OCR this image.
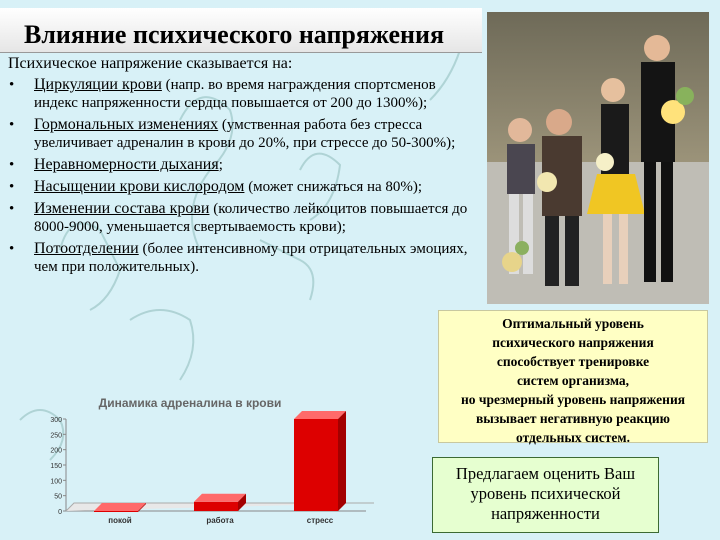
Влияние психического напряжения
Психическое напряжение сказывается на:
• Циркуляции крови (напр. во время награждения спортсменов индекс напряженности сердца повышается от 200 до 1300%);
• Гормональных изменениях (умственная работа без стресса увеличивает адреналин в крови до 20%, при стрессе до 50-300%);
• Неравномерности дыхания;
• Насыщении крови кислородом (может снижаться на 80%);
• Изменении состава крови (количество лейкоцитов повышается до 8000-9000, уменьшается свертываемость крови);
• Потоотделении (более интенсивному при отрицательных эмоциях, чем при положительных).
Оптимальный уровень
психического напряжения
способствует тренировке
систем организма,
но чрезмерный уровень напряжения
вызывает негативную реакцию
отдельных систем.
Предлагаем оценить Ваш
уровень психической
напряженности
Динамика адреналина в крови
0
50
100
150
200
250
300
покой	работа	стресс
